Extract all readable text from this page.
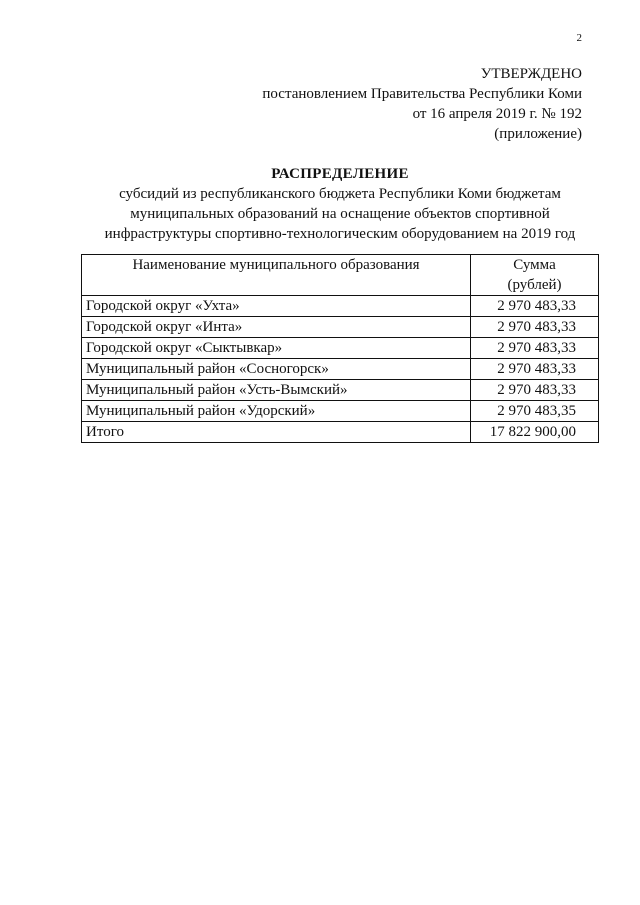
2
УТВЕРЖДЕНО
постановлением Правительства Республики Коми
от 16 апреля 2019 г. № 192
(приложение)
РАСПРЕДЕЛЕНИЕ
субсидий из республиканского бюджета Республики Коми бюджетам
муниципальных образований на оснащение объектов спортивной
инфраструктуры спортивно-технологическим оборудованием на 2019 год
Наименование муниципального образования	Сумма
(рублей)

Городской округ «Ухта»	2 970 483,33
Городской округ «Инта»	2 970 483,33
Городской округ «Сыктывкар»	2 970 483,33
Муниципальный район «Сосногорск»	2 970 483,33
Муниципальный район «Усть-Вымский»	2 970 483,33
Муниципальный район «Удорский»	2 970 483,35
Итого	17 822 900,00
